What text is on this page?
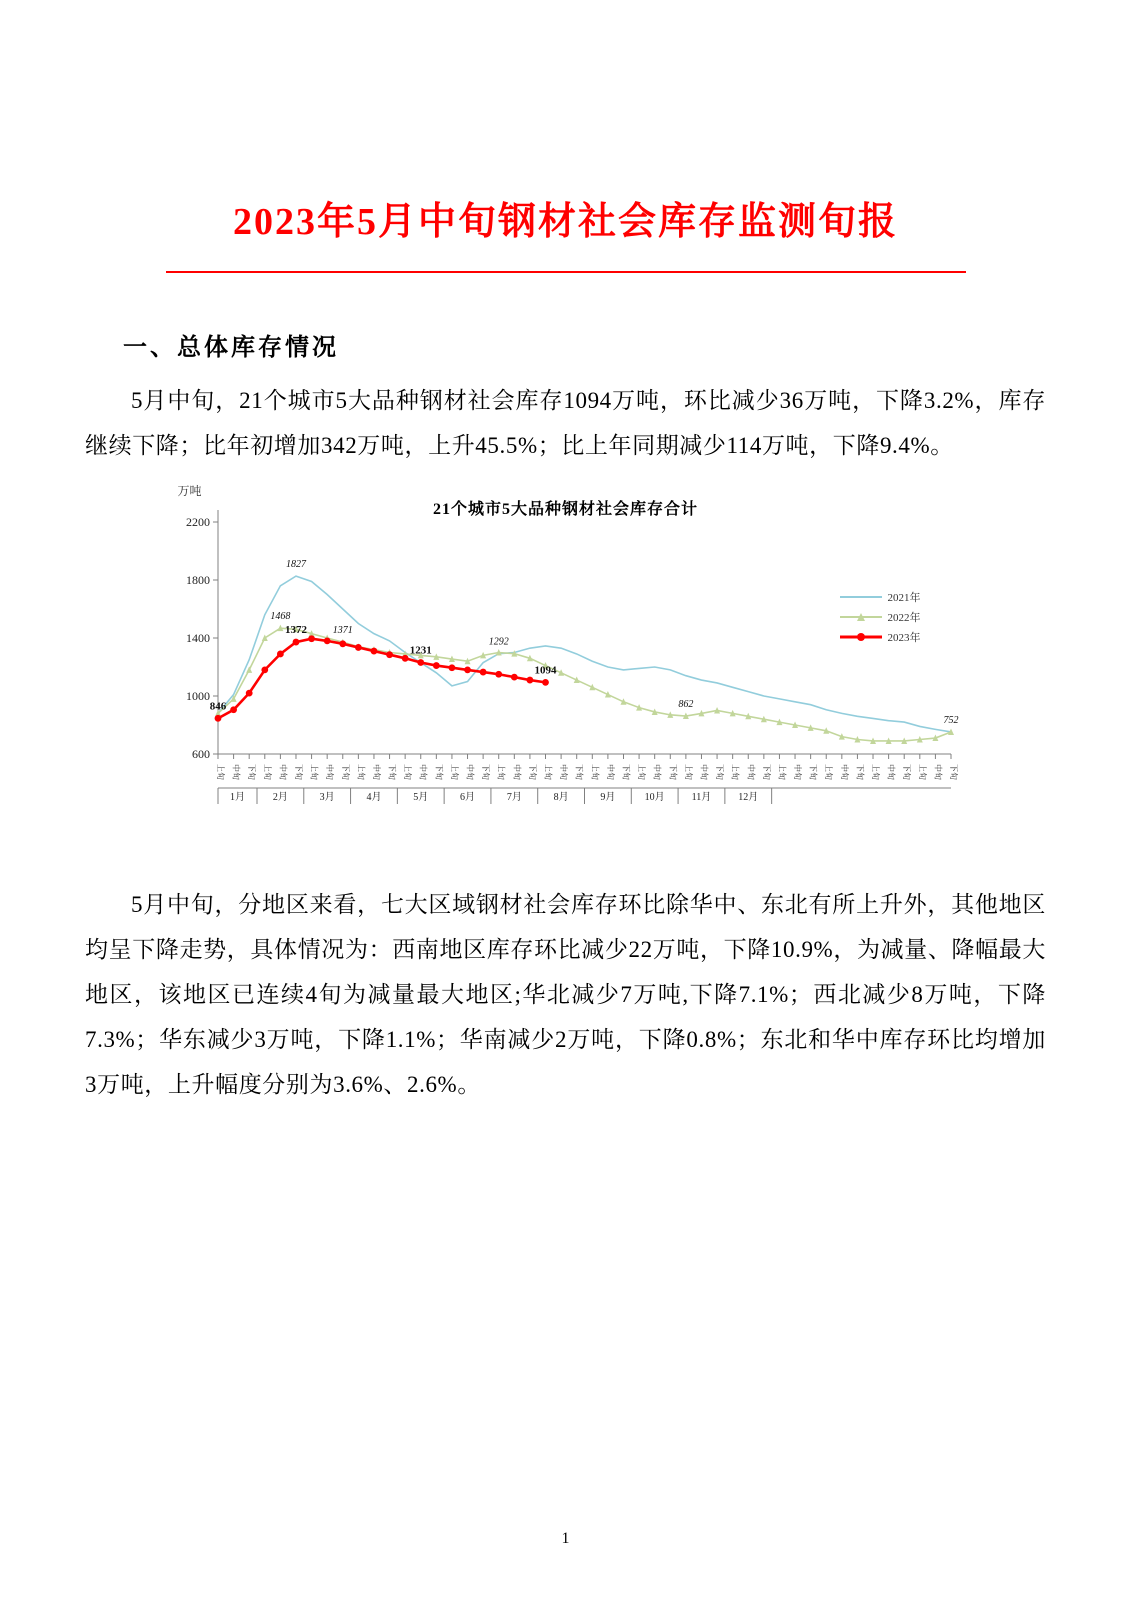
2023年5月中旬钢材社会库存监测旬报
一、总体库存情况

5月中旬，21个城市5大品种钢材社会库存1094万吨，环比减少36万吨，下降3.2%，库存继续下降；比年初增加342万吨，上升45.5%；比上年同期减少114万吨，下降9.4%。

万吨
21个城市5大品种钢材社会库存合计
600
1000
1400
1800
2200
上旬 中旬 下旬 上旬 中旬 下旬 上旬 中旬 下旬 上旬 中旬 下旬 上旬 中旬 下旬 上旬 中旬 下旬 上旬 中旬 下旬 上旬 中旬 下旬 上旬 中旬 下旬 上旬 中旬 下旬 上旬 中旬 下旬 上旬 中旬 下旬 上旬 中旬 下旬 上旬 中旬 下旬 上旬 中旬 下旬 上旬 中旬 下旬
1月	2月	3月	4月	5月	6月	7月	8月	9月	10月	11月	12月
846
1372
1231
1094
1827
1292
752
1468
1371
862
2021年
2022年
2023年

5月中旬，分地区来看，七大区域钢材社会库存环比除华中、东北有所上升外，其他地区均呈下降走势，具体情况为：西南地区库存环比减少22万吨，下降10.9%，为减量、降幅最大地区，该地区已连续4旬为减量最大地区;华北减少7万吨,下降7.1%；西北减少8万吨，下降7.3%；华东减少3万吨，下降1.1%；华南减少2万吨，下降0.8%；东北和华中库存环比均增加3万吨，上升幅度分别为3.6%、2.6%。

1
